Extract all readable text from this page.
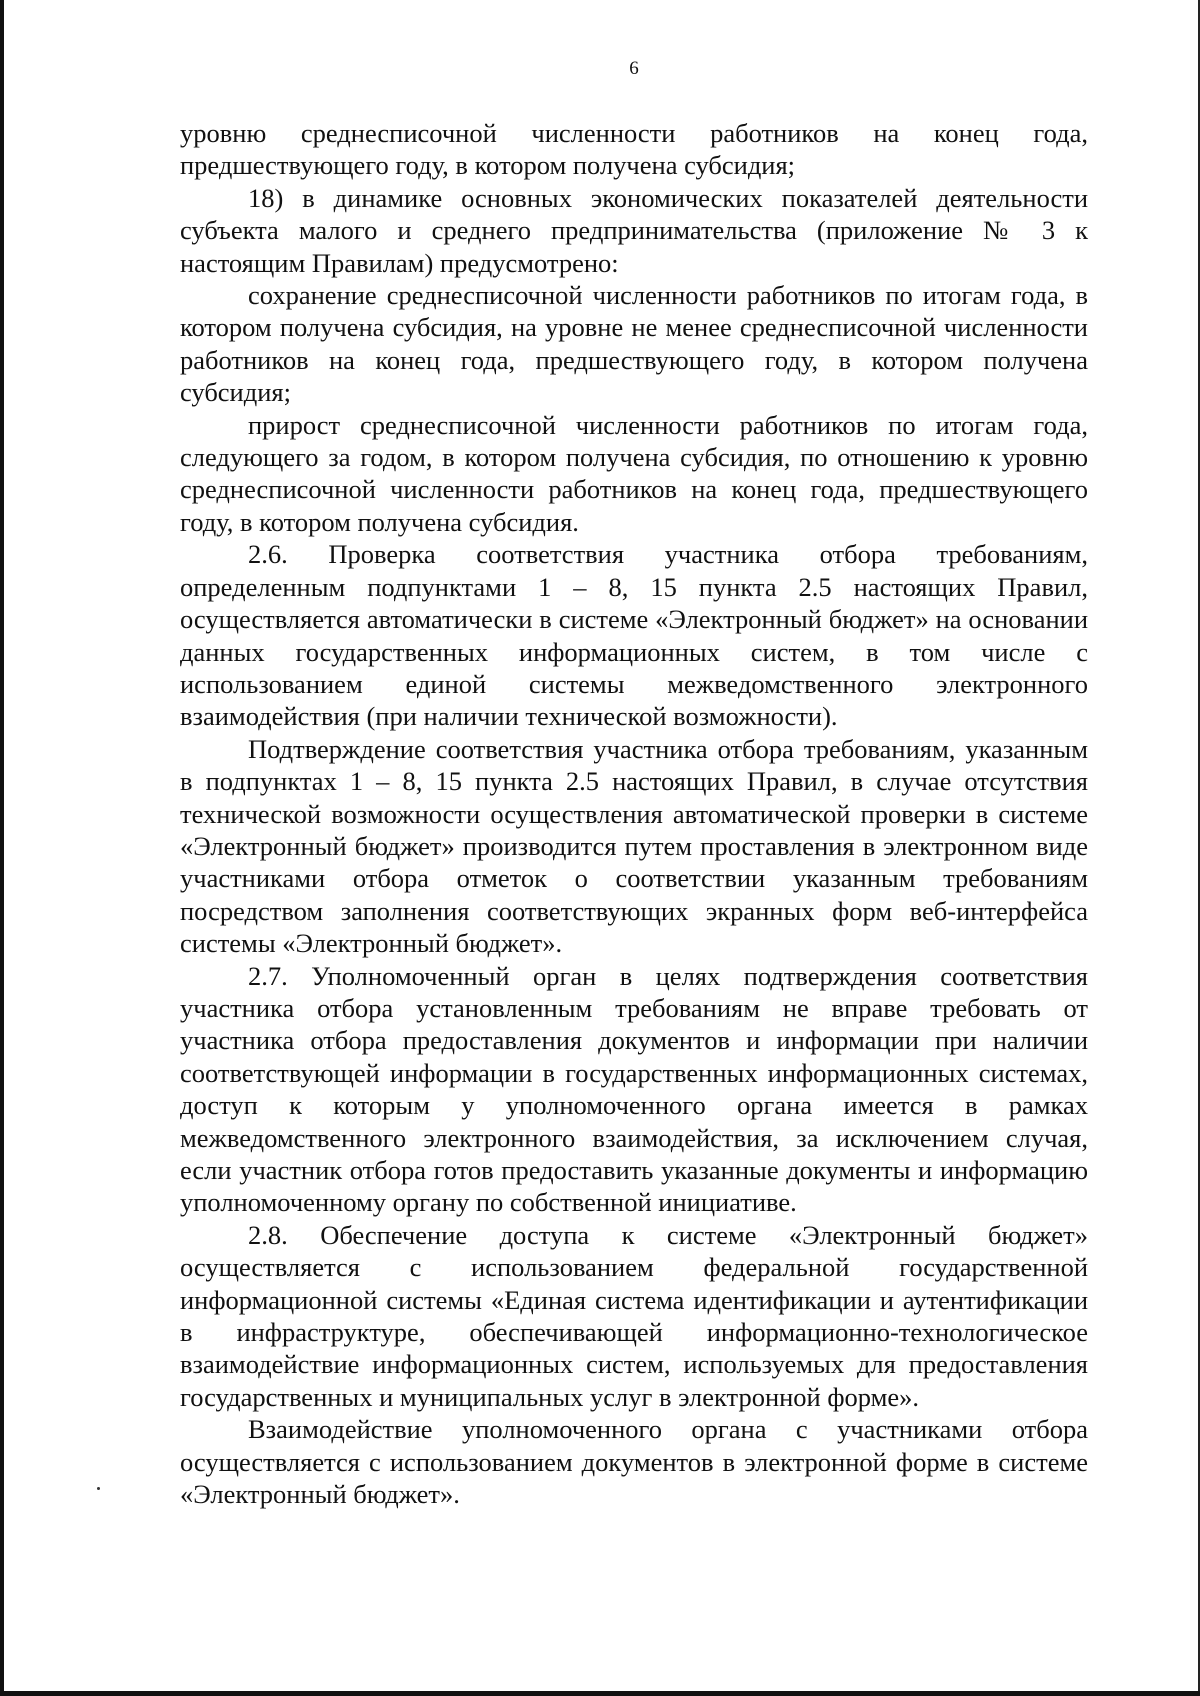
6

уровню среднесписочной численности работников на конец года, предшествующего году, в котором получена субсидия;

18) в динамике основных экономических показателей деятельности субъекта малого и среднего предпринимательства (приложение № 3 к настоящим Правилам) предусмотрено:

сохранение среднесписочной численности работников по итогам года, в котором получена субсидия, на уровне не менее среднесписочной численности работников на конец года, предшествующего году, в котором получена субсидия;

прирост среднесписочной численности работников по итогам года, следующего за годом, в котором получена субсидия, по отношению к уровню среднесписочной численности работников на конец года, предшествующего году, в котором получена субсидия.

2.6. Проверка соответствия участника отбора требованиям, определенным подпунктами 1 – 8, 15 пункта 2.5 настоящих Правил, осуществляется автоматически в системе «Электронный бюджет» на основании данных государственных информационных систем, в том числе с использованием единой системы межведомственного электронного взаимодействия (при наличии технической возможности).

Подтверждение соответствия участника отбора требованиям, указанным в подпунктах 1 – 8, 15 пункта 2.5 настоящих Правил, в случае отсутствия технической возможности осуществления автоматической проверки в системе «Электронный бюджет» производится путем проставления в электронном виде участниками отбора отметок о соответствии указанным требованиям посредством заполнения соответствующих экранных форм веб-интерфейса системы «Электронный бюджет».

2.7. Уполномоченный орган в целях подтверждения соответствия участника отбора установленным требованиям не вправе требовать от участника отбора предоставления документов и информации при наличии соответствующей информации в государственных информационных системах, доступ к которым у уполномоченного органа имеется в рамках межведомственного электронного взаимодействия, за исключением случая, если участник отбора готов предоставить указанные документы и информацию уполномоченному органу по собственной инициативе.

2.8. Обеспечение доступа к системе «Электронный бюджет» осуществляется с использованием федеральной государственной информационной системы «Единая система идентификации и аутентификации в инфраструктуре, обеспечивающей информационно-технологическое взаимодействие информационных систем, используемых для предоставления государственных и муниципальных услуг в электронной форме».

Взаимодействие уполномоченного органа с участниками отбора осуществляется с использованием документов в электронной форме в системе «Электронный бюджет».
